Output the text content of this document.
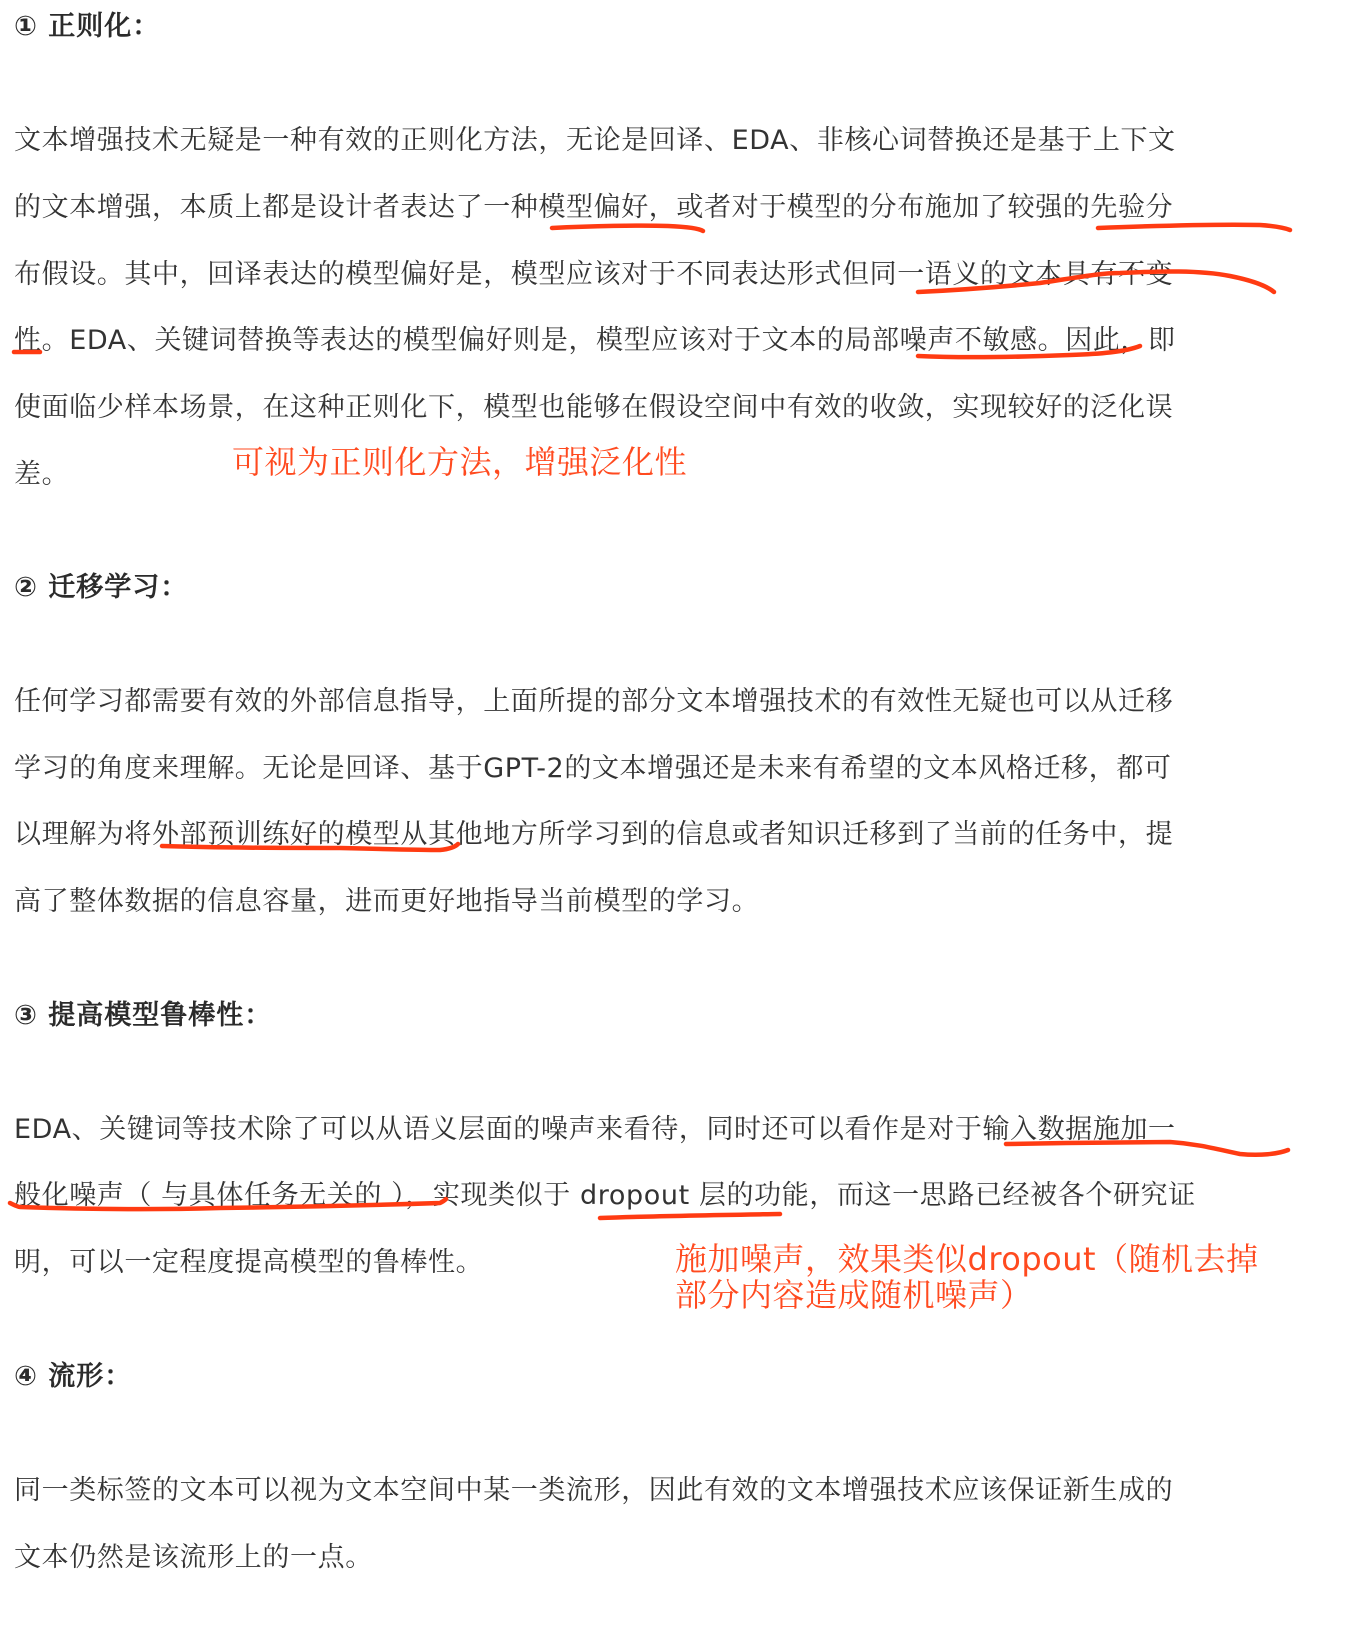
① 正则化：
文本增强技术无疑是一种有效的正则化方法，无论是回译、EDA、非核心词替换还是基于上下文
的文本增强，本质上都是设计者表达了一种模型偏好，或者对于模型的分布施加了较强的先验分
布假设。其中，回译表达的模型偏好是，模型应该对于不同表达形式但同一语义的文本具有不变
性。EDA、关键词替换等表达的模型偏好则是，模型应该对于文本的局部噪声不敏感。因此，即
使面临少样本场景，在这种正则化下，模型也能够在假设空间中有效的收敛，实现较好的泛化误
差。	可视为正则化方法，增强泛化性
② 迁移学习：
任何学习都需要有效的外部信息指导，上面所提的部分文本增强技术的有效性无疑也可以从迁移
学习的角度来理解。无论是回译、基于GPT-2的文本增强还是未来有希望的文本风格迁移，都可
以理解为将外部预训练好的模型从其他地方所学习到的信息或者知识迁移到了当前的任务中，提
高了整体数据的信息容量，进而更好地指导当前模型的学习。
③ 提高模型鲁棒性：
EDA、关键词等技术除了可以从语义层面的噪声来看待，同时还可以看作是对于输入数据施加一
般化噪声（ 与具体任务无关的 ），实现类似于 dropout 层的功能，而这一思路已经被各个研究证
明，可以一定程度提高模型的鲁棒性。	施加噪声，效果类似dropout（随机去掉
部分内容造成随机噪声）
④ 流形：
同一类标签的文本可以视为文本空间中某一类流形，因此有效的文本增强技术应该保证新生成的
文本仍然是该流形上的一点。
